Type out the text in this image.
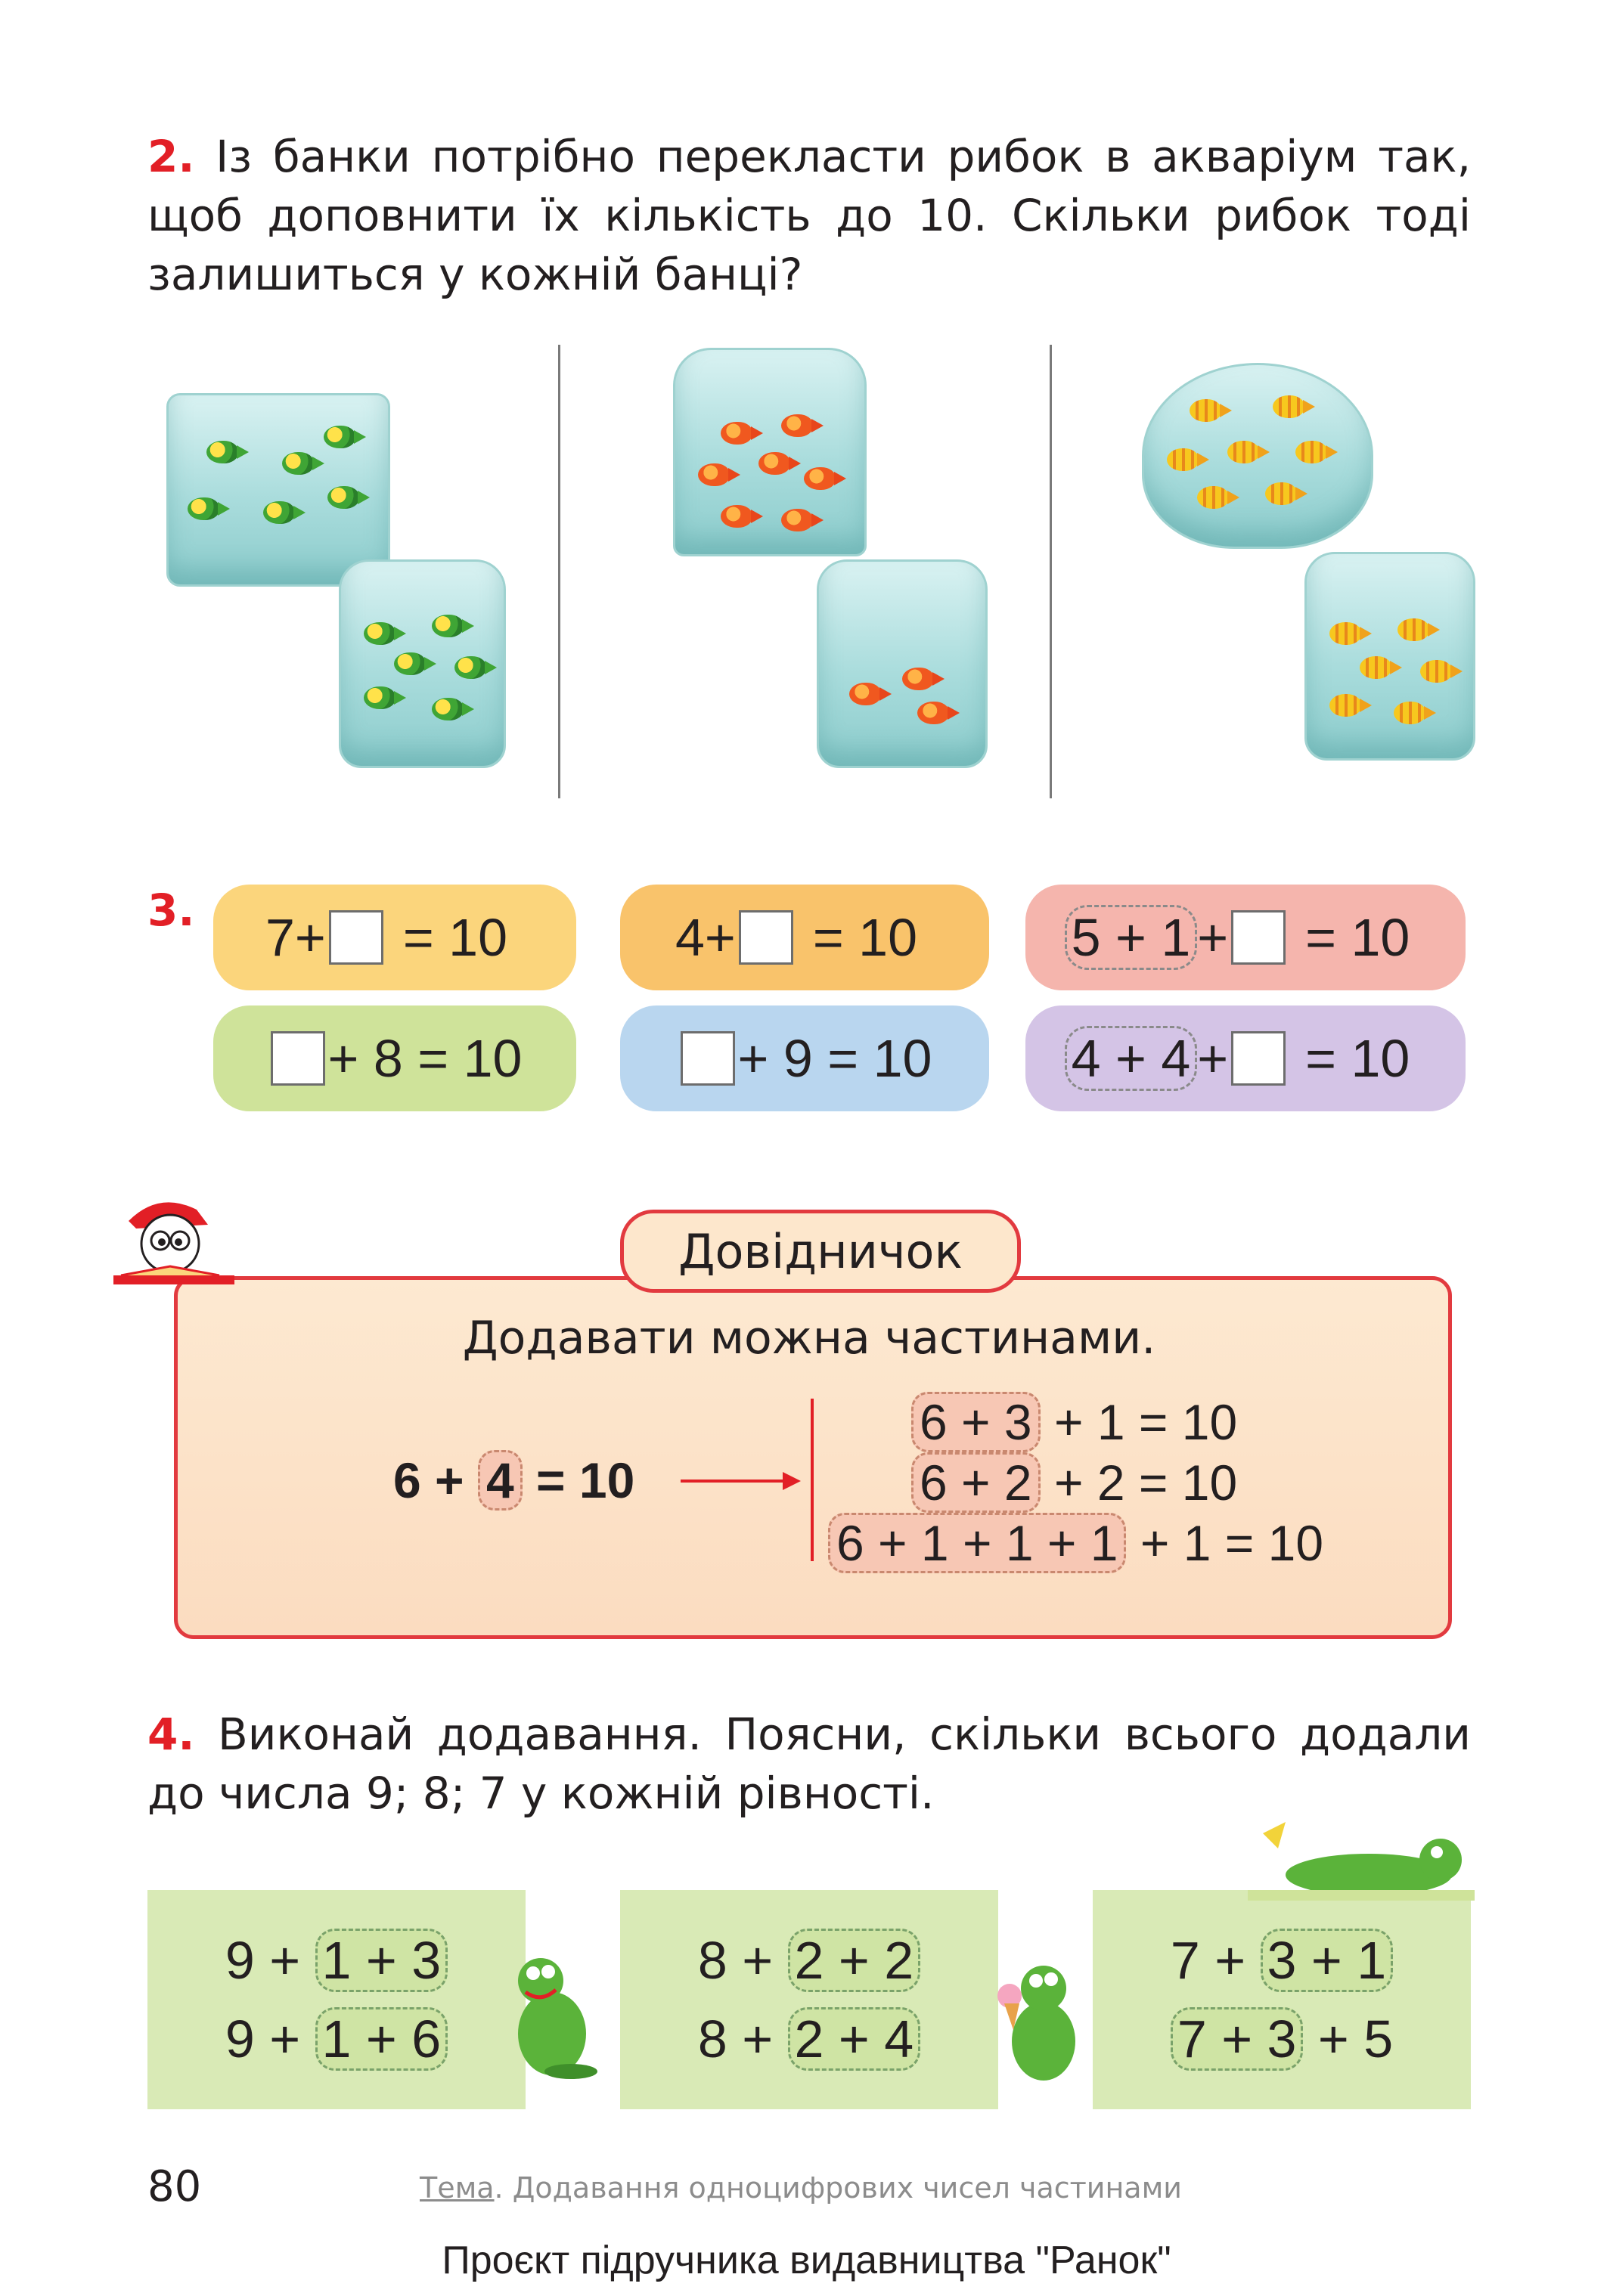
2. Із банки потрібно перекласти рибок в акваріум так,
щоб доповнити їх кількість до 10. Скільки рибок тоді
залишиться у кожній банці?
3. 7 + = 10	4 + = 10	5 + 1 + = 10
+ 8 = 10	+ 9 = 10	4 + 4 + = 10
Довідничок
Додавати можна частинами.
6 + 4 = 10
6 + 3 + 1 = 10
6 + 2 + 2 = 10
6 + 1 + 1 + 1 + 1 = 10
4. Виконай додавання. Поясни, скільки всього додали
до числа 9; 8; 7 у кожній рівності.
9 + 1 + 3
9 + 1 + 6
8 + 2 + 2
8 + 2 + 4
7 + 3 + 1
7 + 3 + 5
80	Тема. Додавання одноцифрових чисел частинами
Проєкт підручника видавництва "Ранок"
